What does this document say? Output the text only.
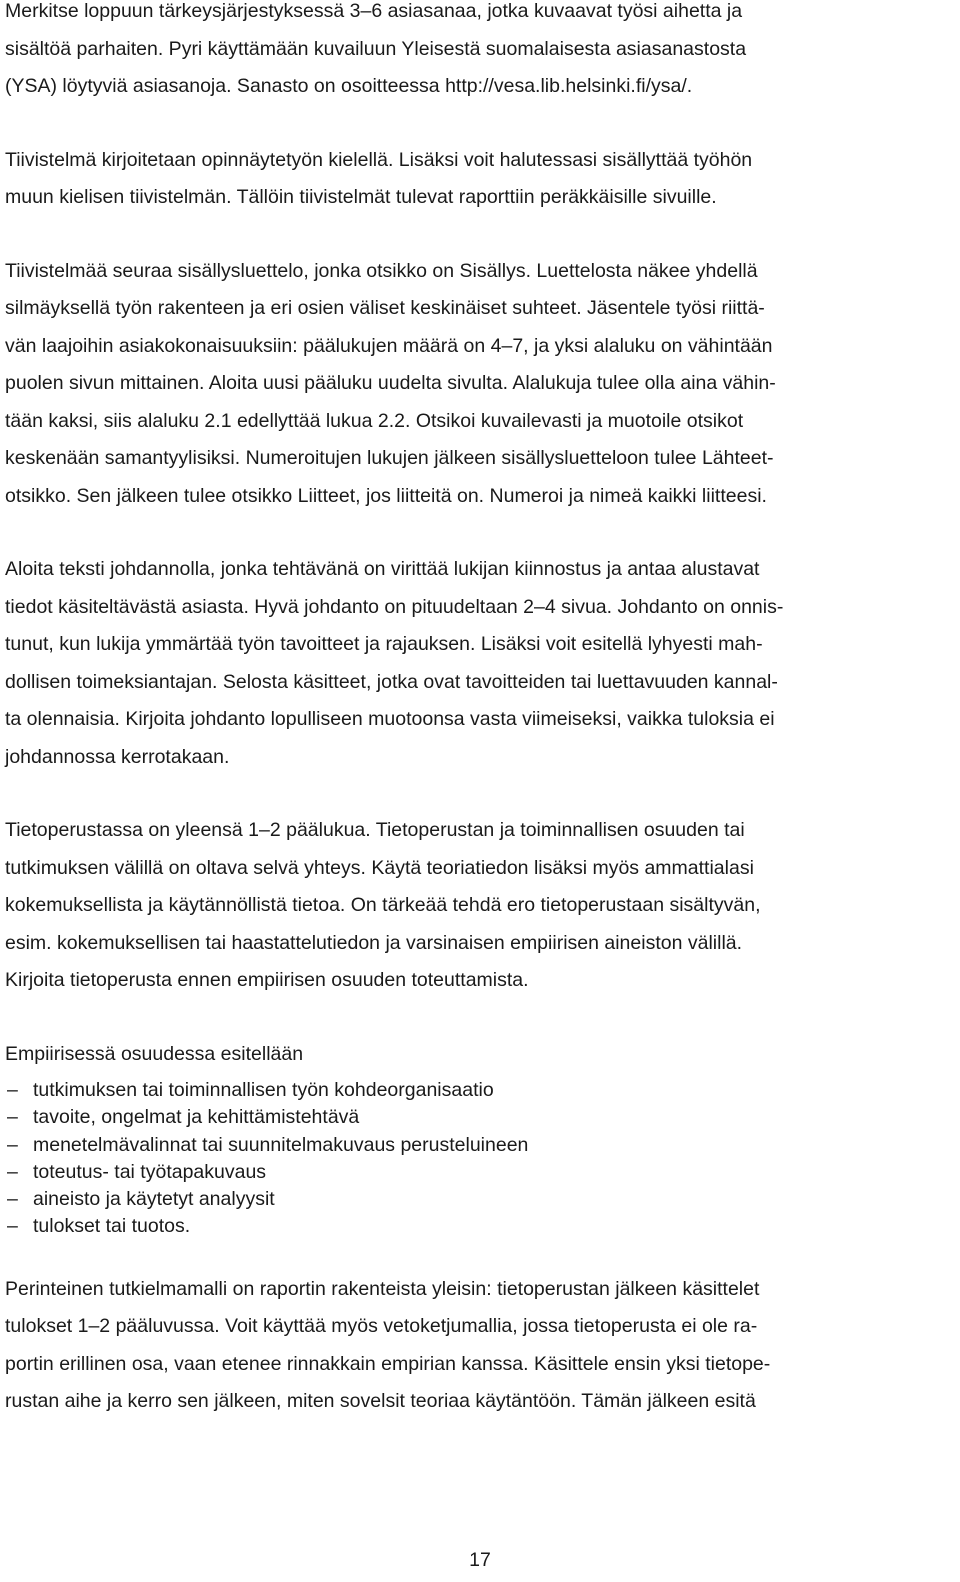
Merkitse loppuun tärkeysjärjestyksessä 3–6 asiasanaa, jotka kuvaavat työsi aihetta ja
sisältöä parhaiten. Pyri käyttämään kuvailuun Yleisestä suomalaisesta asiasanastosta
(YSA) löytyviä asiasanoja. Sanasto on osoitteessa http://vesa.lib.helsinki.fi/ysa/.

Tiivistelmä kirjoitetaan opinnäytetyön kielellä. Lisäksi voit halutessasi sisällyttää työhön
muun kielisen tiivistelmän. Tällöin tiivistelmät tulevat raporttiin peräkkäisille sivuille.

Tiivistelmää seuraa sisällysluettelo, jonka otsikko on Sisällys. Luettelosta näkee yhdellä
silmäyksellä työn rakenteen ja eri osien väliset keskinäiset suhteet. Jäsentele työsi riittä-
vän laajoihin asiakokonaisuuksiin: päälukujen määrä on 4–7, ja yksi alaluku on vähintään
puolen sivun mittainen. Aloita uusi pääluku uudelta sivulta. Alalukuja tulee olla aina vähin-
tään kaksi, siis alaluku 2.1 edellyttää lukua 2.2. Otsikoi kuvailevasti ja muotoile otsikot
keskenään samantyylisiksi. Numeroitujen lukujen jälkeen sisällysluetteloon tulee Lähteet-
otsikko. Sen jälkeen tulee otsikko Liitteet, jos liitteitä on. Numeroi ja nimeä kaikki liitteesi.

Aloita teksti johdannolla, jonka tehtävänä on virittää lukijan kiinnostus ja antaa alustavat
tiedot käsiteltävästä asiasta. Hyvä johdanto on pituudeltaan 2–4 sivua. Johdanto on onnis-
tunut, kun lukija ymmärtää työn tavoitteet ja rajauksen. Lisäksi voit esitellä lyhyesti mah-
dollisen toimeksiantajan. Selosta käsitteet, jotka ovat tavoitteiden tai luettavuuden kannal-
ta olennaisia. Kirjoita johdanto lopulliseen muotoonsa vasta viimeiseksi, vaikka tuloksia ei
johdannossa kerrotakaan.

Tietoperustassa on yleensä 1–2 päälukua. Tietoperustan ja toiminnallisen osuuden tai
tutkimuksen välillä on oltava selvä yhteys. Käytä teoriatiedon lisäksi myös ammattialasi
kokemuksellista ja käytännöllistä tietoa. On tärkeää tehdä ero tietoperustaan sisältyvän,
esim. kokemuksellisen tai haastattelutiedon ja varsinaisen empiirisen aineiston välillä.
Kirjoita tietoperusta ennen empiirisen osuuden toteuttamista.

Empiirisessä osuudessa esitellään

– tutkimuksen tai toiminnallisen työn kohdeorganisaatio
– tavoite, ongelmat ja kehittämistehtävä
– menetelmävalinnat tai suunnitelmakuvaus perusteluineen
– toteutus- tai työtapakuvaus
– aineisto ja käytetyt analyysit
– tulokset tai tuotos.

Perinteinen tutkielmamalli on raportin rakenteista yleisin: tietoperustan jälkeen käsittelet
tulokset 1–2 pääluvussa. Voit käyttää myös vetoketjumallia, jossa tietoperusta ei ole ra-
portin erillinen osa, vaan etenee rinnakkain empirian kanssa. Käsittele ensin yksi tietope-
rustan aihe ja kerro sen jälkeen, miten sovelsit teoriaa käytäntöön. Tämän jälkeen esitä

17
